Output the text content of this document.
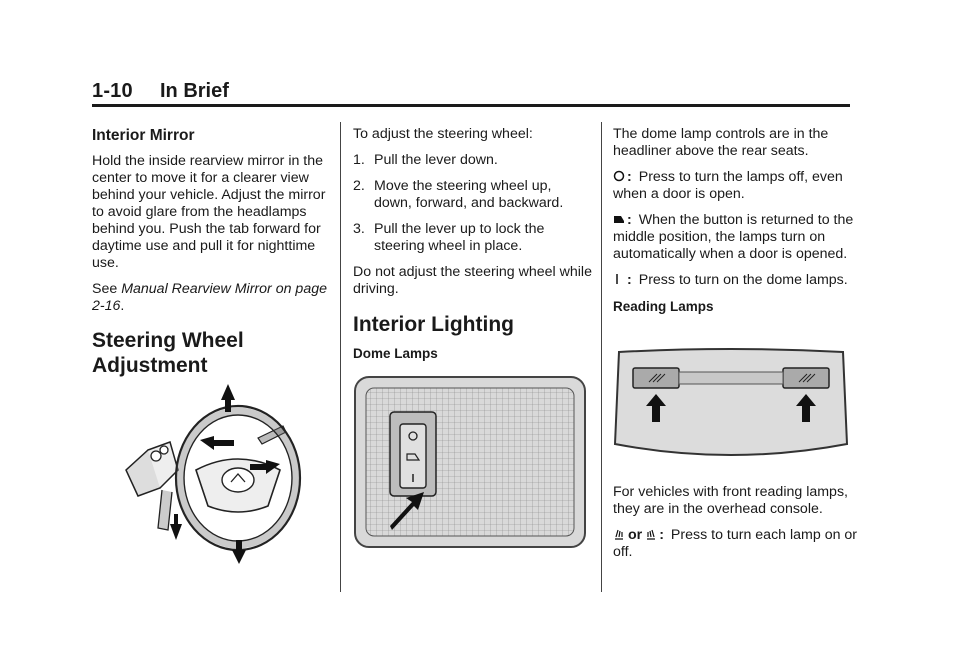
1-10 In Brief
Interior Mirror

Hold the inside rearview mirror in the center to move it for a clearer view behind your vehicle. Adjust the mirror to avoid glare from the headlamps behind you. Push the tab forward for daytime use and pull it for nighttime use.

See Manual Rearview Mirror on page 2-16.

Steering Wheel Adjustment

To adjust the steering wheel:

1. Pull the lever down.
2. Move the steering wheel up, down, forward, and backward.
3. Pull the lever up to lock the steering wheel in place.

Do not adjust the steering wheel while driving.

Interior Lighting
Dome Lamps

The dome lamp controls are in the headliner above the rear seats.

: Press to turn the lamps off, even when a door is open.

: When the button is returned to the middle position, the lamps turn on automatically when a door is opened.

: Press to turn on the dome lamps.

Reading Lamps

For vehicles with front reading lamps, they are in the overhead console.

or : Press to turn each lamp on or off.
